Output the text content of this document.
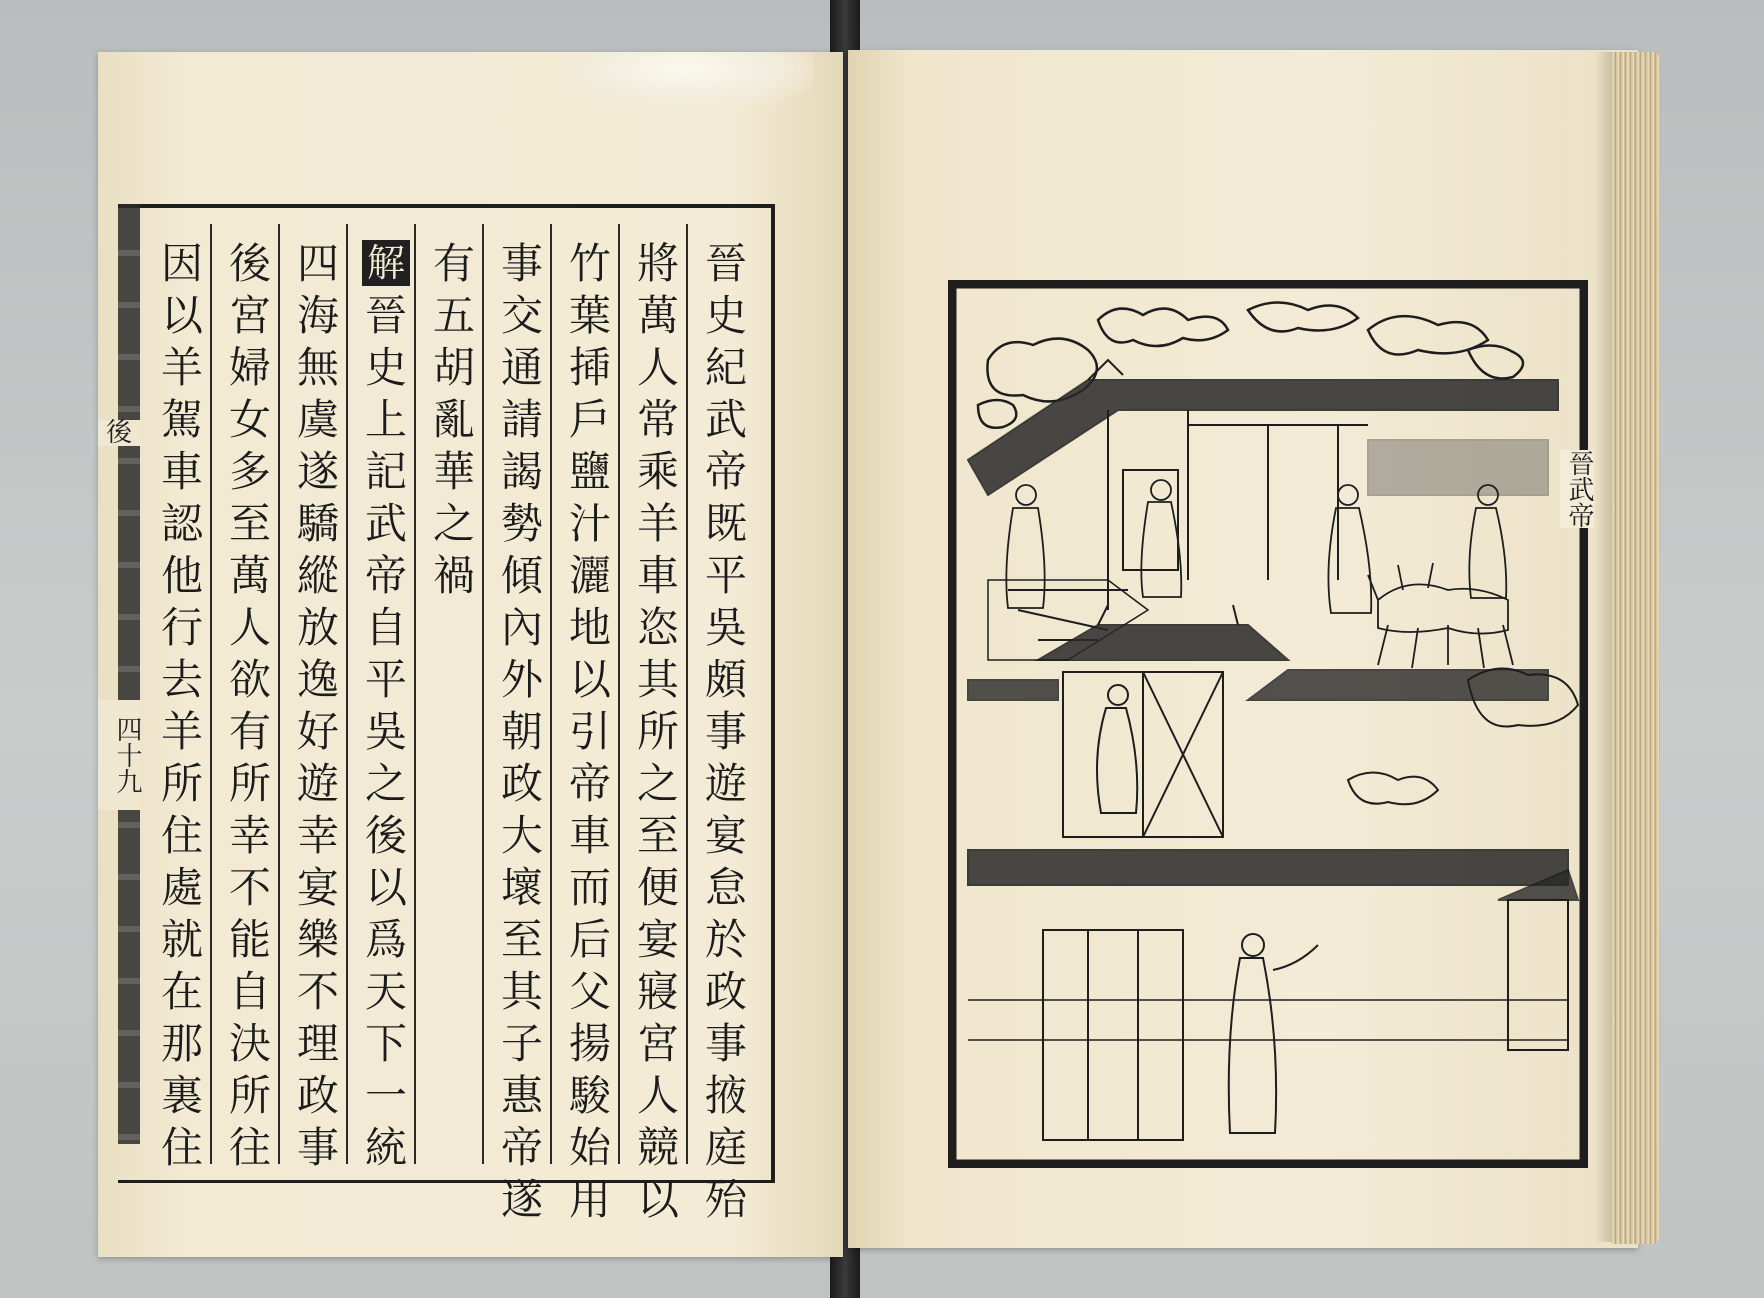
後
四十九
晉
史
紀
武
帝
既
平
吳
頗
事
遊
宴
怠
於
政
事
掖
庭
殆
將
萬
人
常
乘
羊
車
恣
其
所
之
至
便
宴
寢
宮
人
競
以
竹
葉
揷
戶
鹽
汁
灑
地
以
引
帝
車
而
后
父
揚
駿
始
用
事
交
通
請
謁
勢
傾
內
外
朝
政
大
壞
至
其
子
惠
帝
遂
有
五
胡
亂
華
之
禍
解
晉
史
上
記
武
帝
自
平
吳
之
後
以
爲
天
下
一
統
四
海
無
虞
遂
驕
縱
放
逸
好
遊
幸
宴
樂
不
理
政
事
後
宮
婦
女
多
至
萬
人
欲
有
所
幸
不
能
自
決
所
往
因
以
羊
駕
車
認
他
行
去
羊
所
住
處
就
在
那
裏
住
晉武帝
